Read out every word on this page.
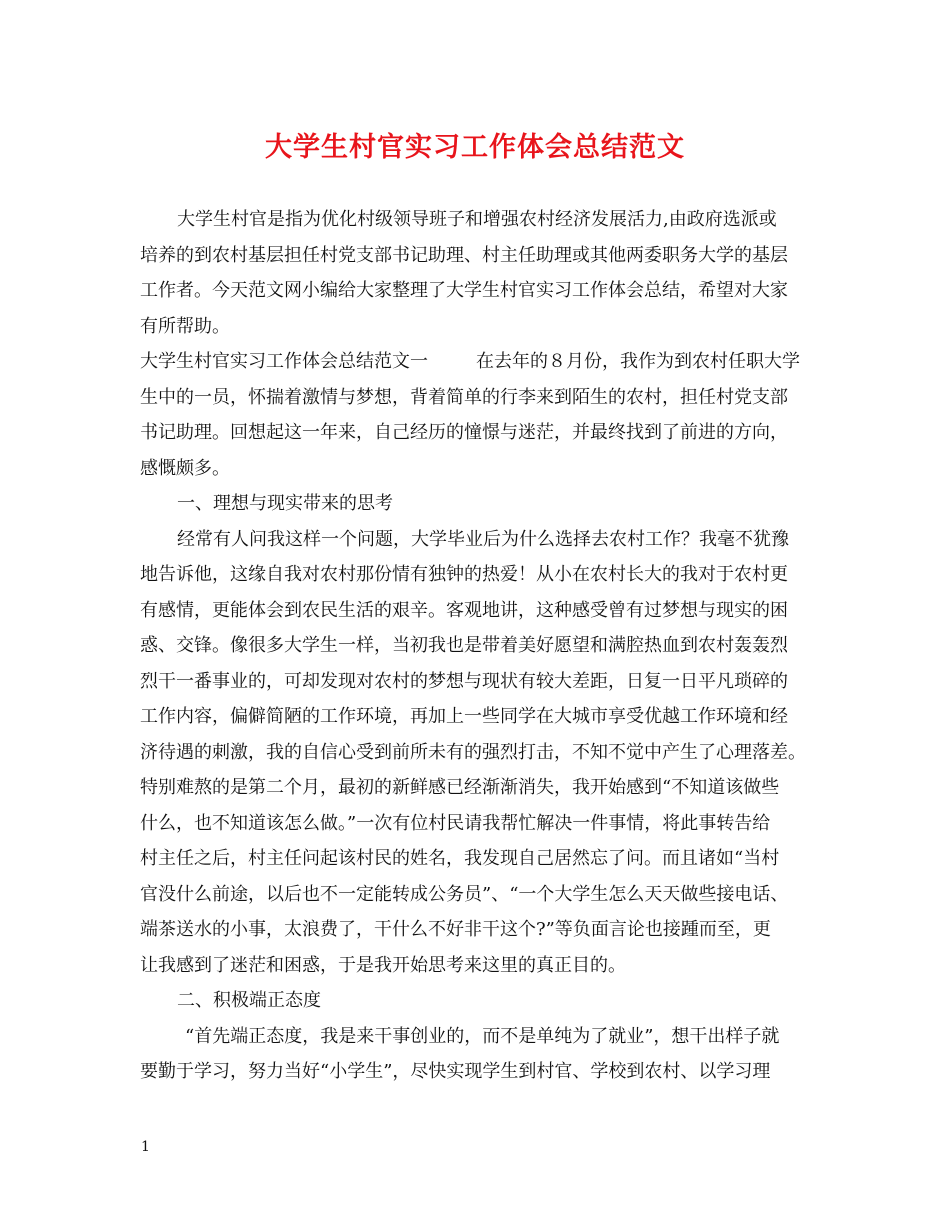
大学生村官实习工作体会总结范文
大学生村官是指为优化村级领导班子和增强农村经济发展活力,由政府选派或
培养的到农村基层担任村党支部书记助理、村主任助理或其他两委职务大学的基层
工作者。今天范文网小编给大家整理了大学生村官实习工作体会总结，希望对大家
有所帮助。
大学生村官实习工作体会总结范文一	在去年的８月份，我作为到农村任职大学
生中的一员，怀揣着激情与梦想，背着简单的行李来到陌生的农村，担任村党支部
书记助理。回想起这一年来，自己经历的憧憬与迷茫，并最终找到了前进的方向，
感慨颇多。
一、理想与现实带来的思考
经常有人问我这样一个问题，大学毕业后为什么选择去农村工作？我毫不犹豫
地告诉他，这缘自我对农村那份情有独钟的热爱！从小在农村长大的我对于农村更
有感情，更能体会到农民生活的艰辛。客观地讲，这种感受曾有过梦想与现实的困
惑、交锋。像很多大学生一样，当初我也是带着美好愿望和满腔热血到农村轰轰烈
烈干一番事业的，可却发现对农村的梦想与现状有较大差距，日复一日平凡琐碎的
工作内容，偏僻简陋的工作环境，再加上一些同学在大城市享受优越工作环境和经
济待遇的刺激，我的自信心受到前所未有的强烈打击，不知不觉中产生了心理落差。
特别难熬的是第二个月，最初的新鲜感已经渐渐消失，我开始感到“不知道该做些
什么，也不知道该怎么做。”一次有位村民请我帮忙解决一件事情，将此事转告给
村主任之后，村主任问起该村民的姓名，我发现自己居然忘了问。而且诸如“当村
官没什么前途，以后也不一定能转成公务员”、“一个大学生怎么天天做些接电话、
端茶送水的小事，太浪费了，干什么不好非干这个?”等负面言论也接踵而至，更
让我感到了迷茫和困惑，于是我开始思考来这里的真正目的。
二、积极端正态度
“首先端正态度，我是来干事创业的，而不是单纯为了就业”，想干出样子就
要勤于学习，努力当好“小学生”，尽快实现学生到村官、学校到农村、以学习理
1
